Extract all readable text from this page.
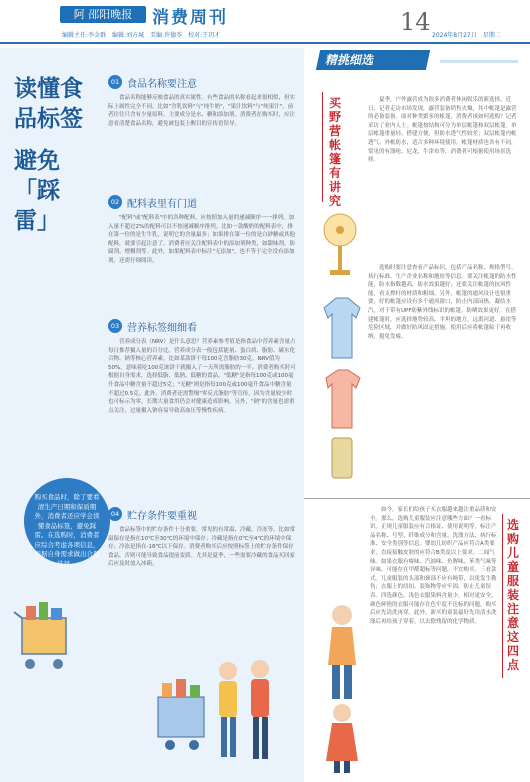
阿 邵阳晚报	消费周刊
编辑主任:李金群　编辑:刘方城　美编:许德苓　校对:王玥才	14 2024年8月27日　星期二
读懂食品标签
避免「踩雷」
购买食品时，除了要看清生产日期和保质期外，消费者还应学会读懂食品标签，避免踩雷。在选购时，消费者应综合考虑各项信息，根据自身需求做出合理选择。
01 食品名称要注意
食品名称能够反映食品的真实属性。有些食品的名称看起来很相似，但实际上属性完全不同。比如"含乳饮料"与"纯牛奶"，"果汁饮料"与"纯果汁"，前者往往只含有少量原料，主要成分是水、糖和添加剂。消费者在购买时，应注意看清楚食品名称，避免被包装上醒目的宣传语误导。
02 配料表里有门道
"配料"或"配料表"中的各种配料，应按照加入量的递减顺序一一排列。加入量不超过2%的配料可以不按递减顺序排列。比如一款酸奶的配料表中，排在第一位的是生牛乳，说明它的含量最多；如果排在第一位的是白砂糖或其他配料，就要引起注意了。消费者应关注配料表中的添加剂种类，如甜味剂、防腐剂、增稠剂等。此外，如果配料表中标注"无添加"，也不等于完全没有添加剂，还需仔细阅读。
03 营养标签细细看
营养成分表（NRV）是什么意思？营养素参考值是指食品中营养素含量占每日推荐摄入量的百分比。营养成分表一般包括能量、蛋白质、脂肪、碳水化合物、钠等核心营养素。比如某款饼干每100克含脂肪30克，NRV值为50%，意味着吃100克该饼干就摄入了一天所需脂肪的一半。消费者购买时可根据自身需求，选择低脂、低钠、低糖的食品。"低糖"是指每100克或100毫升食品中糖含量不超过5克；"无糖"则是指每100克或100毫升食品中糖含量不超过0.5克。此外，消费者还需警惕"零反式脂肪"等宣传，因为含量较少时也可标示为零，长期大量食用仍会对健康造成影响。另外，"钠"的含量也需重点关注，过量摄入钠容易导致高血压等慢性疾病。
04 贮存条件要重视
食品标签中的贮存条件十分重要，常见的有常温、冷藏、冷冻等。比如常温保存是指在10℃至30℃的环境中保存；冷藏是指在0℃至4℃的环境中保存；冷冻是指在-18℃以下保存。消费者购买后应按照标签上的贮存条件保存食品，否则可能导致食品提前变质。尤其是夏季，一些需要冷藏的食品买回家后应及时放入冰箱。
精挑细选
买
野
营
帐
篷
有
讲
究
夏季，户外露营成为很多消费者休闲娱乐的新选择。近日，记者走访市场发现，露营装备销售火爆，其中帐篷是露营的必备装备。面对种类繁多的帐篷，消费者该如何选购？记者采访了业内人士。帐篷按结构可分为单层帐篷和双层帐篷。单层帐篷重量轻、搭建方便，但防水透气性较差；双层帐篷内帐透气、外帐防水，适合多种环境使用。帐篷材质也各有不同，常见的有涤纶、尼龙、牛津布等，消费者可根据使用场景选择。
选购时要注意查看产品标识，包括产品名称、规格型号、执行标准、生产企业名称和地址等信息。要关注帐篷的防水性能，防水指数越高，防水效果越好；还要关注帐篷的抗风性能，看支撑杆的材质和粗细。另外，帐篷的通风设计也很重要，好的帐篷应设有多个通风窗口，防止内部闷热、凝结水汽。对于带有UPF防紫外线标识的帐篷，防晒效果更好。在搭建帐篷时，应选择地势较高、平坦的地方，远离河道、悬崖等危险区域，并做好防风固定措施。使用后应将帐篷晾干再收纳，避免发霉。
选
购
儿
童
服
装
注
意
这
四
点
如今，家长们给孩子买衣服越来越注重品质和安全。那么，选购儿童服装应注意哪些方面？一看标识。正规儿童服装应有合格证、使用说明等，标注产品名称、号型、纤维成分和含量、洗涤方法、执行标准、安全类别等信息。婴幼儿纺织产品应符合A类要求，直接接触皮肤的应符合B类及以上要求。二闻气味。如果衣服有霉味、汽油味、鱼腥味、苯类气味等异味，可能存在甲醛超标等问题，不宜购买。三看款式。儿童服装的头部和颈部不应有绳带，以免发生勒伤；衣服上的纽扣、装饰物等应牢固，防止儿童误吞。四选颜色。浅色衣服染料含量少，相对更安全，颜色鲜艳的衣服可能存在色牢度不达标的问题，购买后应先清洗再穿。此外，新买的童装最好先用清水洗涤后再给孩子穿着，以去除残留的化学物质。
